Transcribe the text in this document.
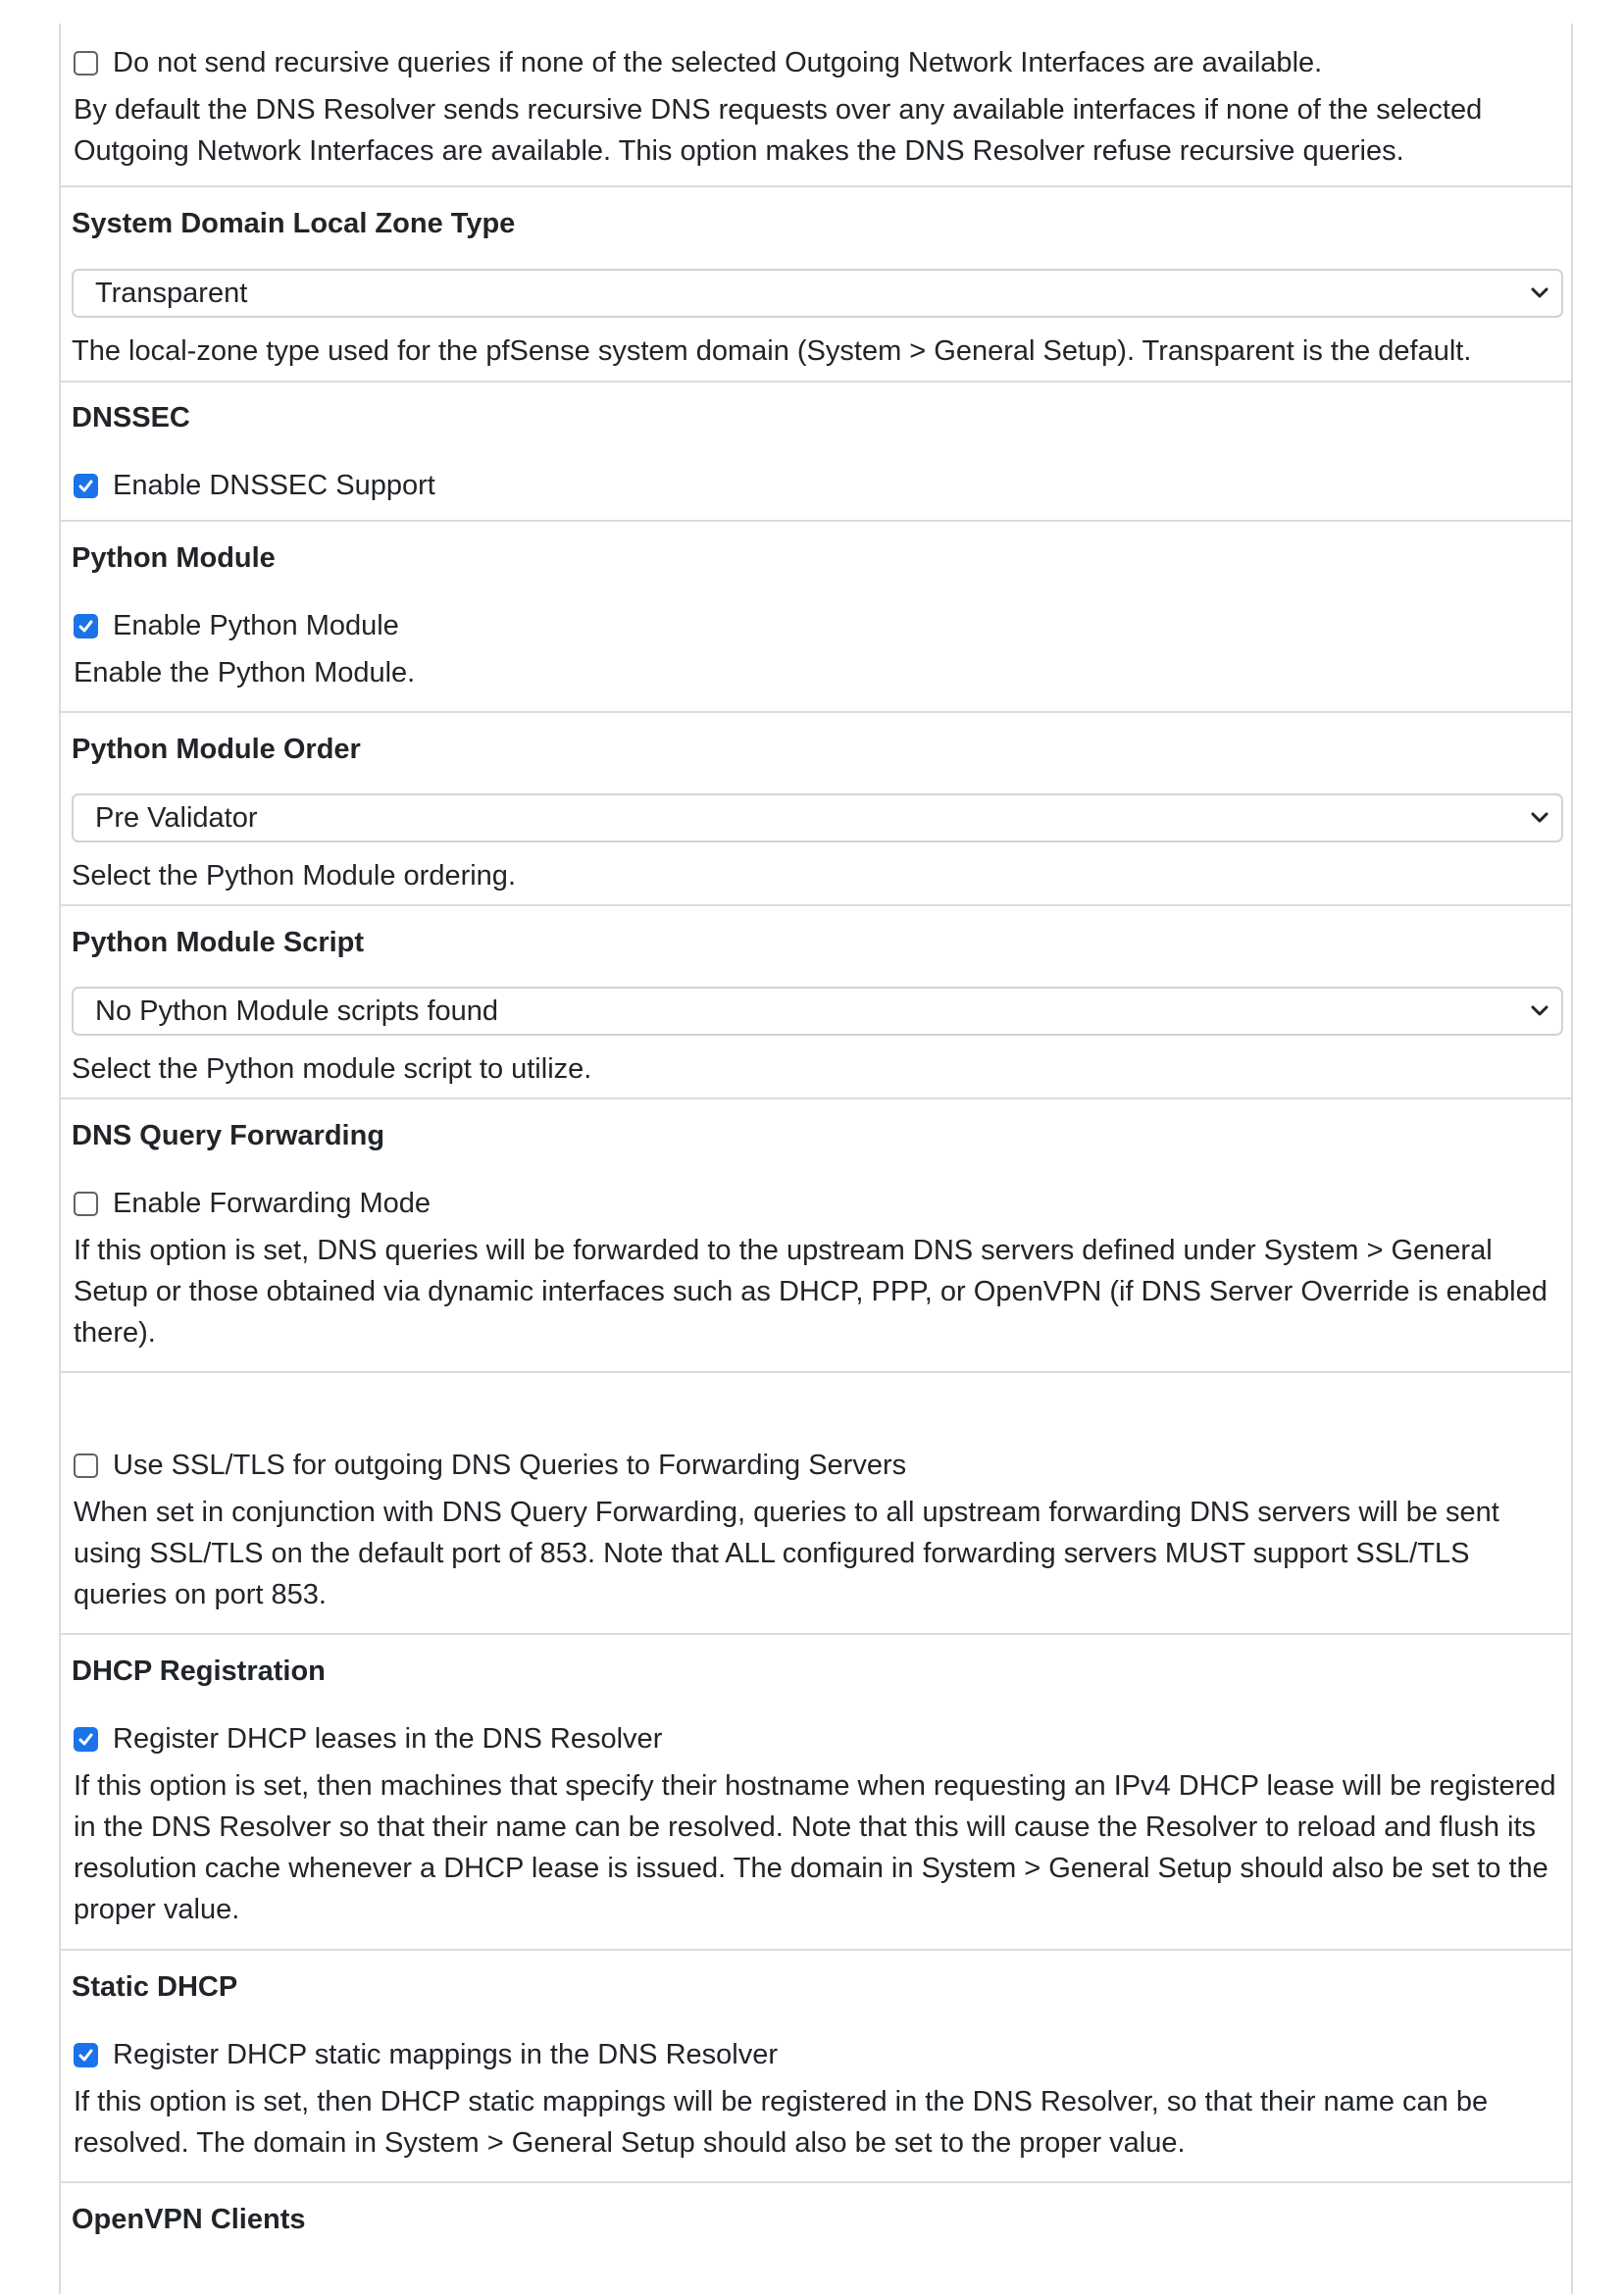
Do not send recursive queries if none of the selected Outgoing Network Interfaces are available.
By default the DNS Resolver sends recursive DNS requests over any available interfaces if none of the selected Outgoing Network Interfaces are available. This option makes the DNS Resolver refuse recursive queries.
System Domain Local Zone Type
Transparent
The local-zone type used for the pfSense system domain (System > General Setup). Transparent is the default.
DNSSEC
Enable DNSSEC Support
Python Module
Enable Python Module
Enable the Python Module.
Python Module Order
Pre Validator
Select the Python Module ordering.
Python Module Script
No Python Module scripts found
Select the Python module script to utilize.
DNS Query Forwarding
Enable Forwarding Mode
If this option is set, DNS queries will be forwarded to the upstream DNS servers defined under System > General Setup or those obtained via dynamic interfaces such as DHCP, PPP, or OpenVPN (if DNS Server Override is enabled there).
Use SSL/TLS for outgoing DNS Queries to Forwarding Servers
When set in conjunction with DNS Query Forwarding, queries to all upstream forwarding DNS servers will be sent using SSL/TLS on the default port of 853. Note that ALL configured forwarding servers MUST support SSL/TLS queries on port 853.
DHCP Registration
Register DHCP leases in the DNS Resolver
If this option is set, then machines that specify their hostname when requesting an IPv4 DHCP lease will be registered in the DNS Resolver so that their name can be resolved. Note that this will cause the Resolver to reload and flush its resolution cache whenever a DHCP lease is issued. The domain in System > General Setup should also be set to the proper value.
Static DHCP
Register DHCP static mappings in the DNS Resolver
If this option is set, then DHCP static mappings will be registered in the DNS Resolver, so that their name can be resolved. The domain in System > General Setup should also be set to the proper value.
OpenVPN Clients
